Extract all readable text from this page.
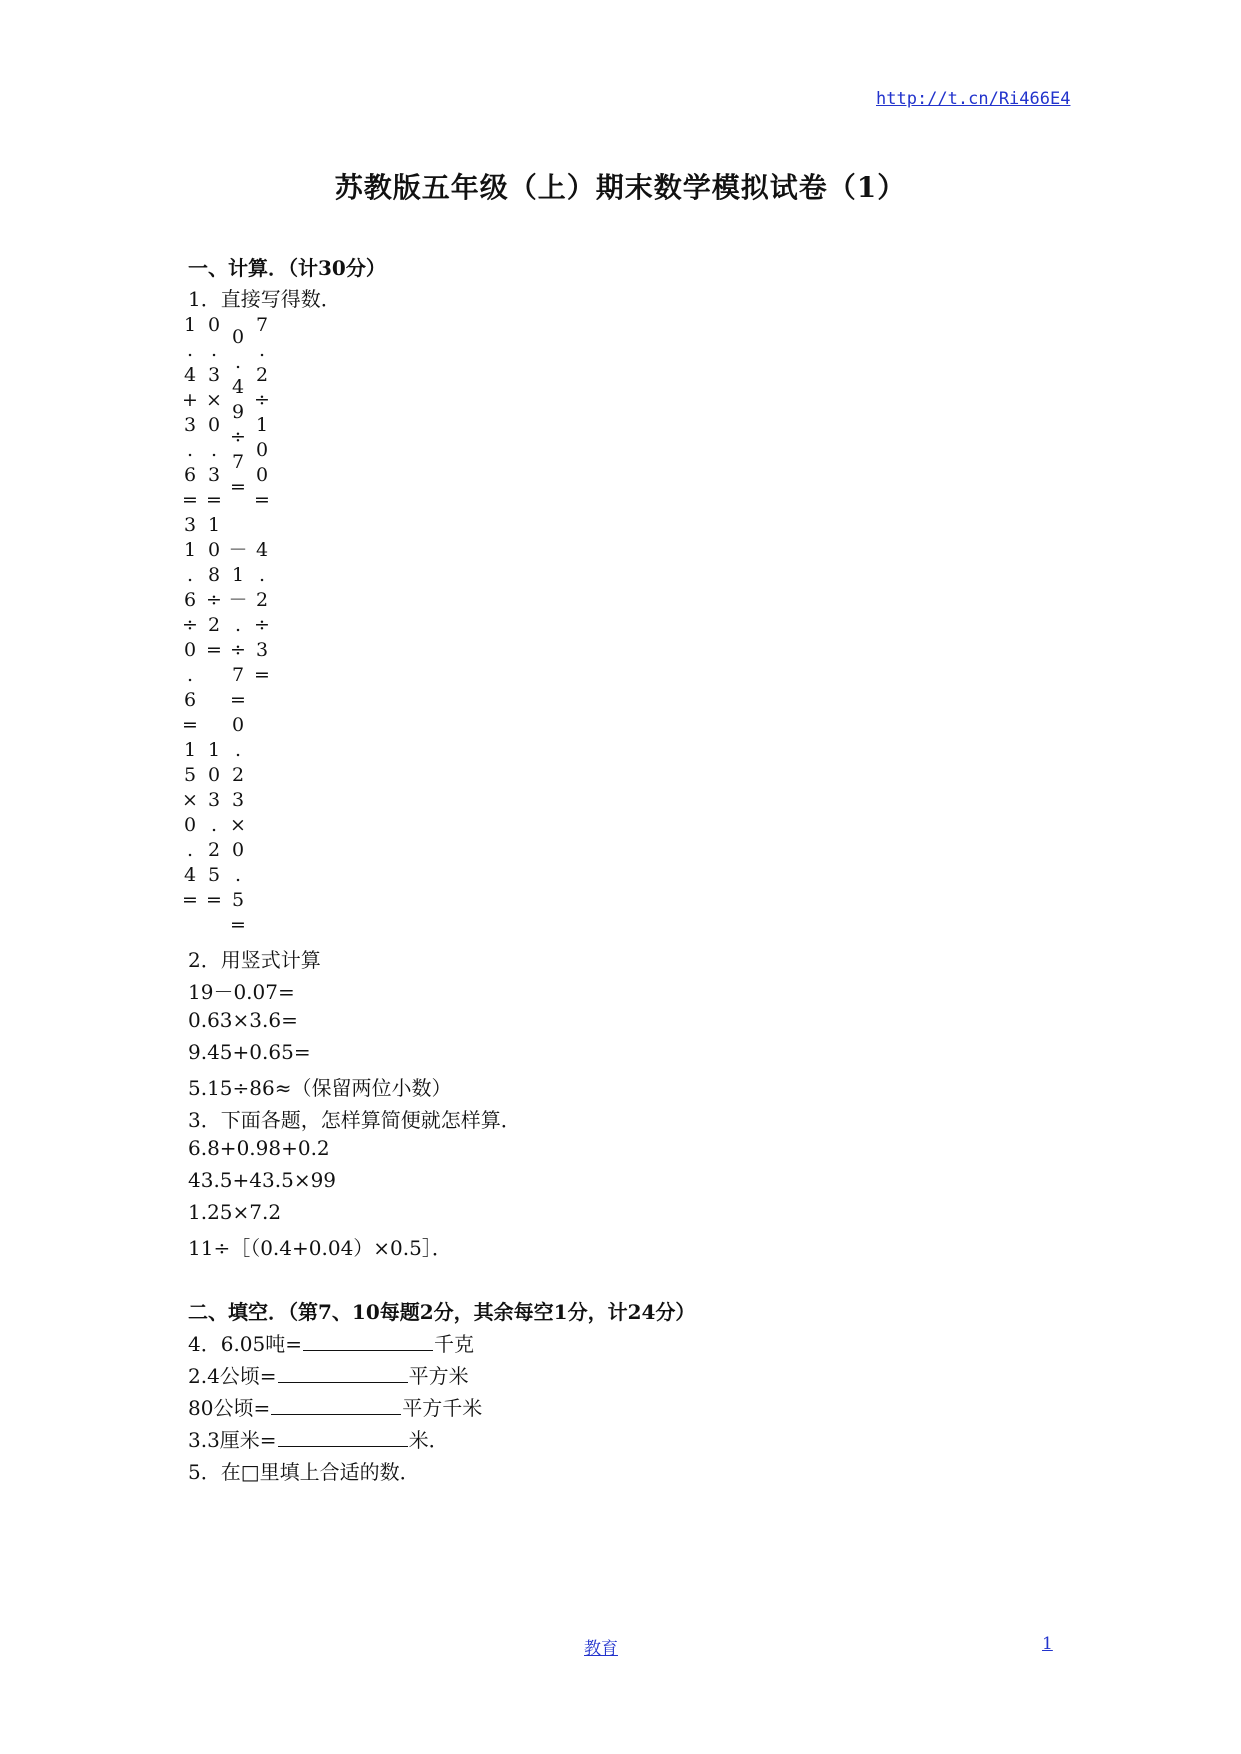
http://t.cn/Ri466E4
苏教版五年级（上）期末数学模拟试卷（1）
一、计算．（计30分）
1．直接写得数．
1
.
4
+
3
.
6
=
3
1
.
6
÷
0
.
6
=
0
.
3
×
0
.
3
=
1
0
8
÷
2
=
0
.
4
9
÷
7
=
－
1
－
.
÷
7
=
7
.
2
÷
1
0
0
=
4
.
2
÷
3
=
1
5
×
0
.
4
=
1
0
3
.
2
5
=
0
.
2
3
×
0
.
5
=
2．用竖式计算
19－0.07=
0.63×3.6=
9.45+0.65=
5.15÷86≈（保留两位小数）
3．下面各题，怎样算简便就怎样算．
6.8+0.98+0.2
43.5+43.5×99
1.25×7.2
11÷［（0.4+0.04）×0.5］．
二、填空．（第7、10每题2分，其余每空1分，计24分）
4．6.05吨=	千克
2.4公顷=	平方米
80公顷=	平方千米
3.3厘米=	米．
5．在□里填上合适的数．
教育	1
